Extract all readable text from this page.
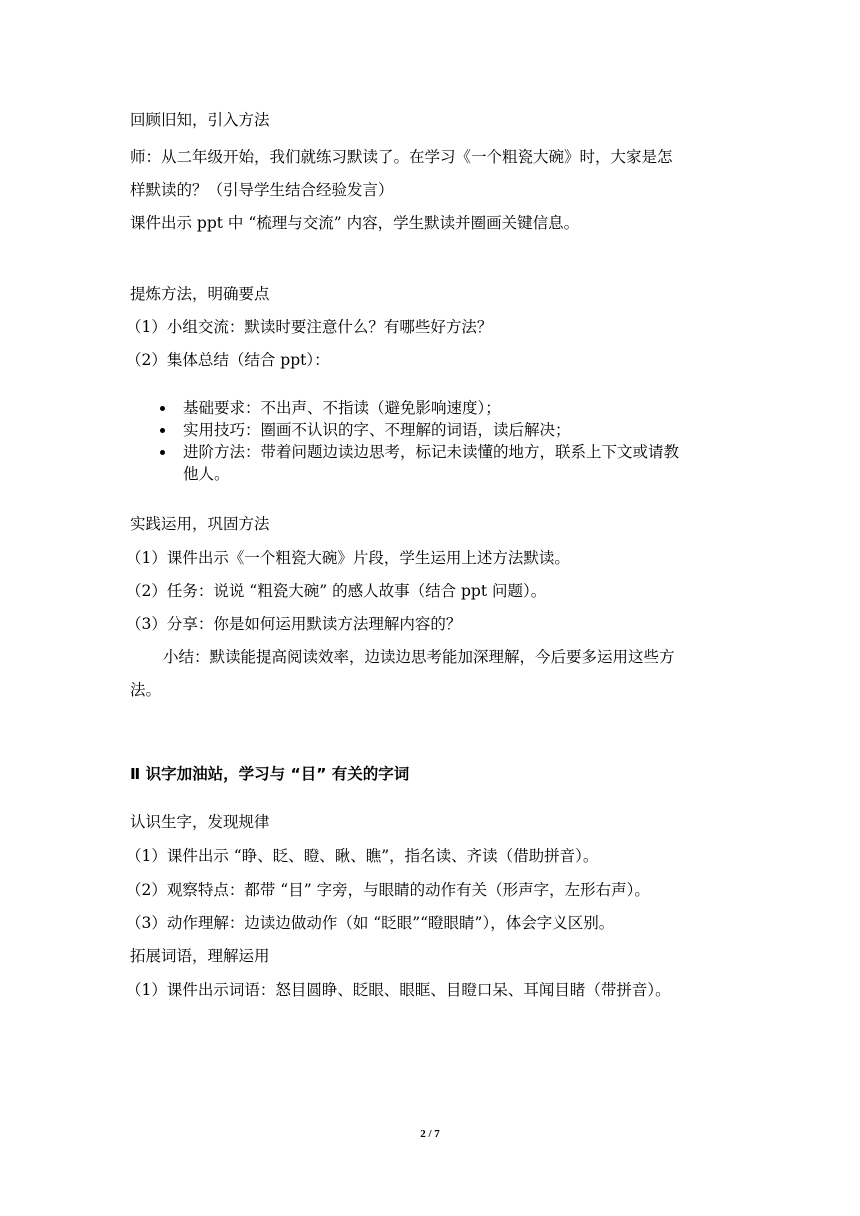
回顾旧知，引入方法
师：从二年级开始，我们就练习默读了。在学习《一个粗瓷大碗》时，大家是怎
样默读的？（引导学生结合经验发言）
课件出示 ppt 中 “梳理与交流” 内容，学生默读并圈画关键信息。
提炼方法，明确要点
（1）小组交流：默读时要注意什么？有哪些好方法？
（2）集体总结（结合 ppt）：
基础要求：不出声、不指读（避免影响速度）；
实用技巧：圈画不认识的字、不理解的词语，读后解决；
进阶方法：带着问题边读边思考，标记未读懂的地方，联系上下文或请教
他人。
实践运用，巩固方法
（1）课件出示《一个粗瓷大碗》片段，学生运用上述方法默读。
（2）任务：说说 “粗瓷大碗” 的感人故事（结合 ppt 问题）。
（3）分享：你是如何运用默读方法理解内容的？
小结：默读能提高阅读效率，边读边思考能加深理解，今后要多运用这些方
法。
Ⅱ 识字加油站，学习与 “目” 有关的字词
认识生字，发现规律
（1）课件出示 “睁、眨、瞪、瞅、瞧”，指名读、齐读（借助拼音）。
（2）观察特点：都带 “目” 字旁，与眼睛的动作有关（形声字，左形右声）。
（3）动作理解：边读边做动作（如 “眨眼”“瞪眼睛”），体会字义区别。
拓展词语，理解运用
（1）课件出示词语：怒目圆睁、眨眼、眼眶、目瞪口呆、耳闻目睹（带拼音）。
2 / 7
